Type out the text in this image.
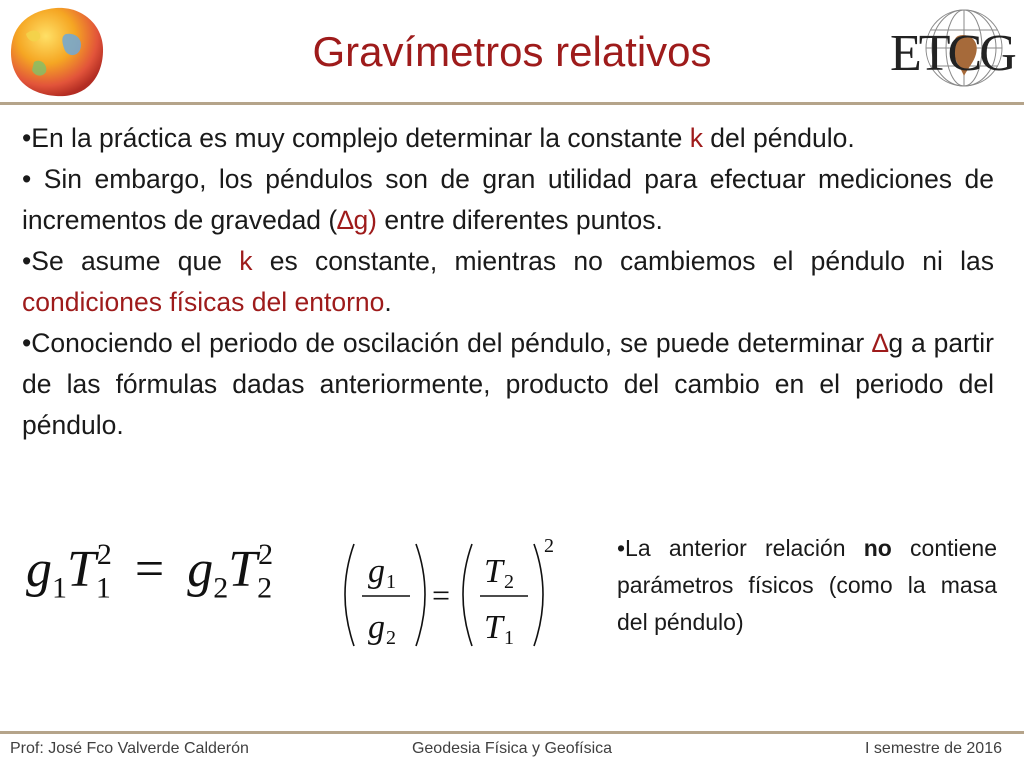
Gravímetros relativos	ETCG

•En la práctica es muy complejo determinar la constante k del péndulo.

• Sin embargo, los péndulos son de gran utilidad para efectuar mediciones de incrementos de gravedad (∆g) entre diferentes puntos.

•Se asume que k es constante, mientras no cambiemos el péndulo ni las condiciones físicas del entorno.

•Conociendo el periodo de oscilación del péndulo, se puede determinar ∆g a partir de las fórmulas dadas anteriormente, producto del cambio en el periodo del péndulo.

$g_1T_1^2 = g_2T_2^2$	g 1
g 2
=
T 2
T 1
2	•La anterior relación no contiene parámetros físicos (como la masa del péndulo)
Prof: José Fco Valverde Calderón	Geodesia Física y Geofísica	I semestre de 2016
